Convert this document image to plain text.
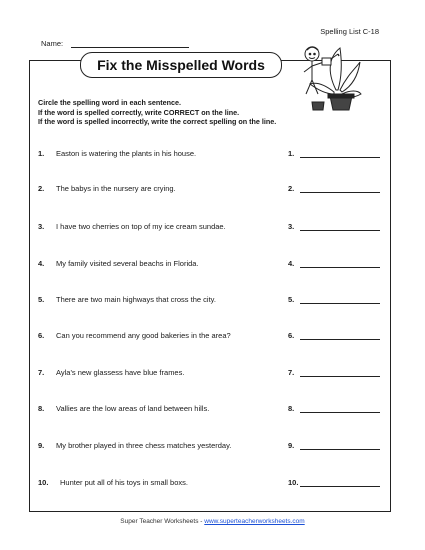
Spelling List C-18
Name:
Fix the Misspelled Words
Circle the spelling word in each sentence.
If the word is spelled correctly, write CORRECT on the line.
If the word is spelled incorrectly, write the correct spelling on the line.
1. Easton is watering the plants in his house.	1.
2. The babys in the nursery are crying.	2.
3. I have two cherries on top of my ice cream sundae.	3.
4. My family visited several beachs in Florida.	4.
5. There are two main highways that cross the city.	5.
6. Can you recommend any good bakeries in the area?	6.
7. Ayla's new glassess have blue frames.	7.
8. Vallies are the low areas of land between hills.	8.
9. My brother played in three chess matches yesterday.	9.
10. Hunter put all of his toys in small boxs.	10.
Super Teacher Worksheets - www.superteacherworksheets.com
